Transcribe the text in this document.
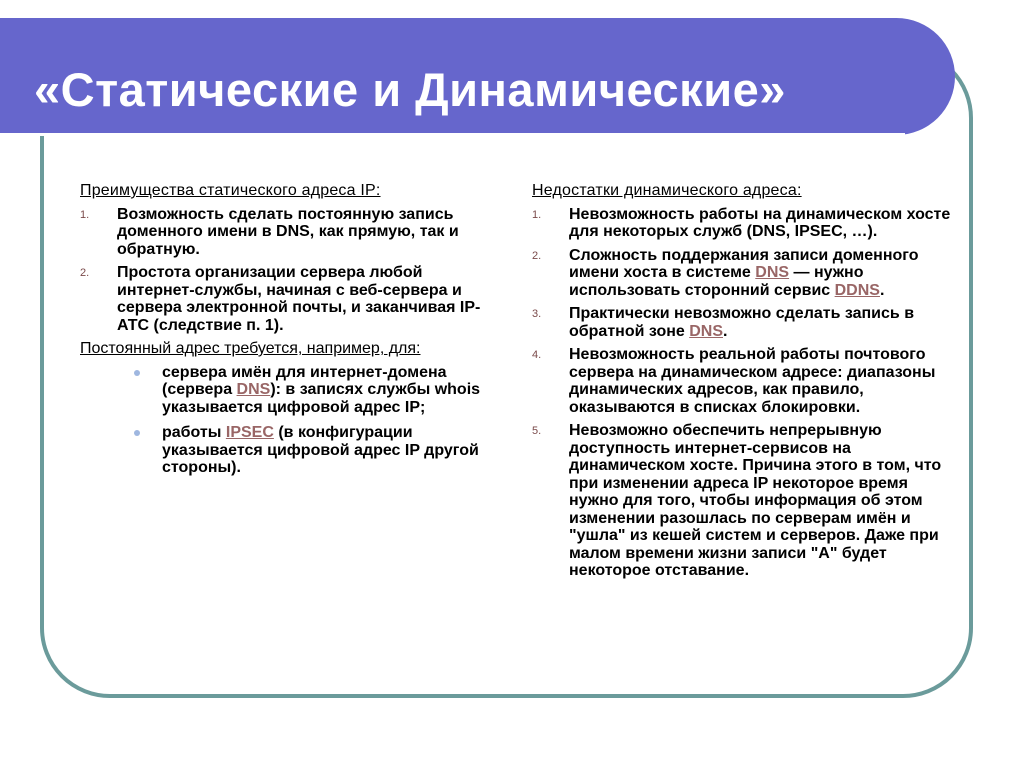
«Статические и Динамические»
Преимущества статического адреса IP:
1. Возможность сделать постоянную запись доменного имени в DNS, как прямую, так и обратную.
2. Простота организации сервера любой интернет-службы, начиная с веб-сервера и сервера электронной почты, и заканчивая IP-АТС (следствие п. 1).
Постоянный адрес требуется, например, для:
сервера имён для интернет-домена (сервера DNS): в записях службы whois указывается цифровой адрес IP;
работы IPSEC (в конфигурации указывается цифровой адрес IP другой стороны).
Недостатки динамического адреса:
1. Невозможность работы на динамическом хосте для некоторых служб (DNS, IPSEC, …).
2. Сложность поддержания записи доменного имени хоста в системе DNS — нужно использовать сторонний сервис DDNS.
3. Практически невозможно сделать запись в обратной зоне DNS.
4. Невозможность реальной работы почтового сервера на динамическом адресе: диапазоны динамических адресов, как правило, оказываются в списках блокировки.
5. Невозможно обеспечить непрерывную доступность интернет-сервисов на динамическом хосте. Причина этого в том, что при изменении адреса IP некоторое время нужно для того, чтобы информация об этом изменении разошлась по серверам имён и "ушла" из кешей систем и серверов. Даже при малом времени жизни записи "А" будет некоторое отставание.
